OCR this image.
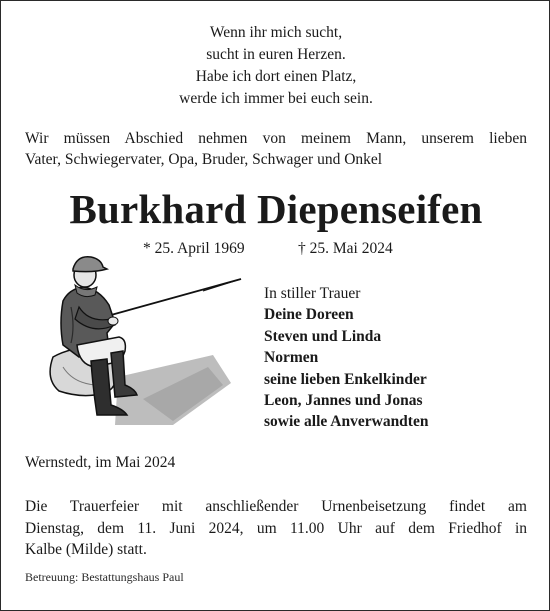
Wenn ihr mich sucht,
sucht in euren Herzen.
Habe ich dort einen Platz,
werde ich immer bei euch sein.
Wir müssen Abschied nehmen von meinem Mann, unserem lieben
Vater, Schwiegervater, Opa, Bruder, Schwager und Onkel
Burkhard Diepenseifen
* 25. April 1969	† 25. Mai 2024
In stiller Trauer
Deine Doreen
Steven und Linda
Normen
seine lieben Enkelkinder
Leon, Jannes und Jonas
sowie alle Anverwandten
Wernstedt, im Mai 2024
Die Trauerfeier mit anschließender Urnenbeisetzung findet am
Dienstag, dem 11. Juni 2024, um 11.00 Uhr auf dem Friedhof in
Kalbe (Milde) statt.
Betreuung: Bestattungshaus Paul
